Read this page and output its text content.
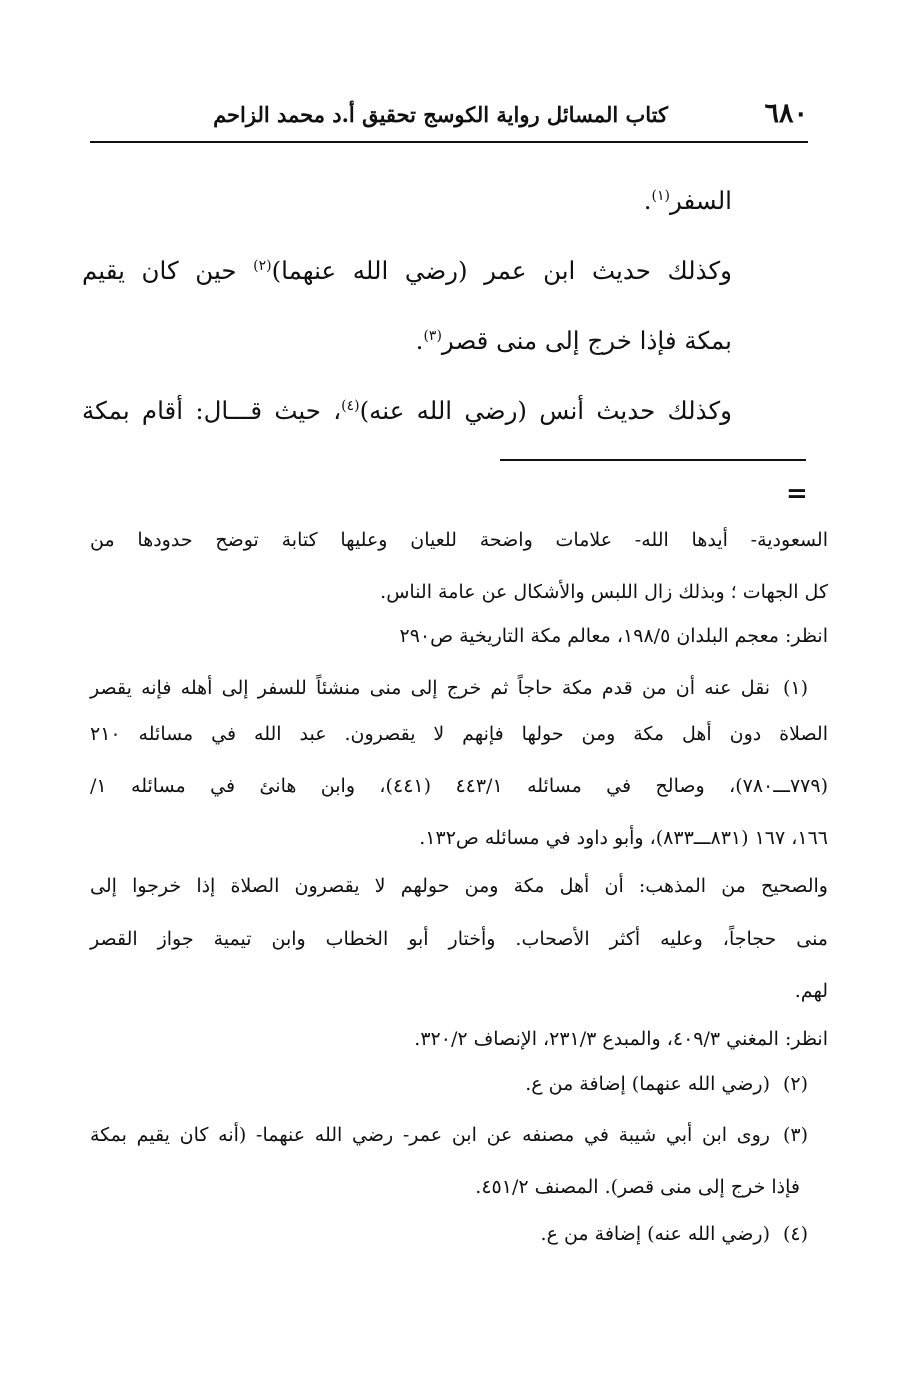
٦٨٠
كتاب المسائل رواية الكوسج تحقيق أ.د محمد الزاحم

السفر$^{(١)}$.

وكذلك حديث ابن عمر (رضي الله عنهما)$^{(٢)}$ حين كان يقيم

بمكة فإذا خرج إلى منى قصر$^{(٣)}$.

وكذلك حديث أنس (رضي الله عنه)$^{(٤)}$، حيث قـــال: أقام بمكة

=
السعودية- أيدها الله- علامات واضحة للعيان وعليها كتابة توضح حدودها من
كل الجهات ؛ وبذلك زال اللبس والأشكال عن عامة الناس.
انظر: معجم البلدان ١٩٨/٥، معالم مكة التاريخية ص٢٩٠
(١)
نقل عنه أن من قدم مكة حاجاً ثم خرج إلى منى منشئاً للسفر إلى أهله فإنه يقصر
الصلاة دون أهل مكة ومن حولها فإنهم لا يقصرون. عبد الله في مسائله ٢١٠
(٧٧٩ـــ٧٨٠)، وصالح في مسائله ٤٤٣/١ (٤٤١)، وابن هانئ في مسائله ١/
١٦٦، ١٦٧ (٨٣١ـــ٨٣٣)، وأبو داود في مسائله ص١٣٢.
والصحيح من المذهب: أن أهل مكة ومن حولهم لا يقصرون الصلاة إذا خرجوا إلى
منى حجاجاً، وعليه أكثر الأصحاب. وأختار أبو الخطاب وابن تيمية جواز القصر
لهم.
انظر: المغني ٤٠٩/٣، والمبدع ٢٣١/٣، الإنصاف ٣٢٠/٢.
(٢)
(رضي الله عنهما) إضافة من ع.
(٣)
روى ابن أبي شيبة في مصنفه عن ابن عمر- رضي الله عنهما- (أنه كان يقيم بمكة
فإذا خرج إلى منى قصر). المصنف ٤٥١/٢.
(٤)
(رضي الله عنه) إضافة من ع.
